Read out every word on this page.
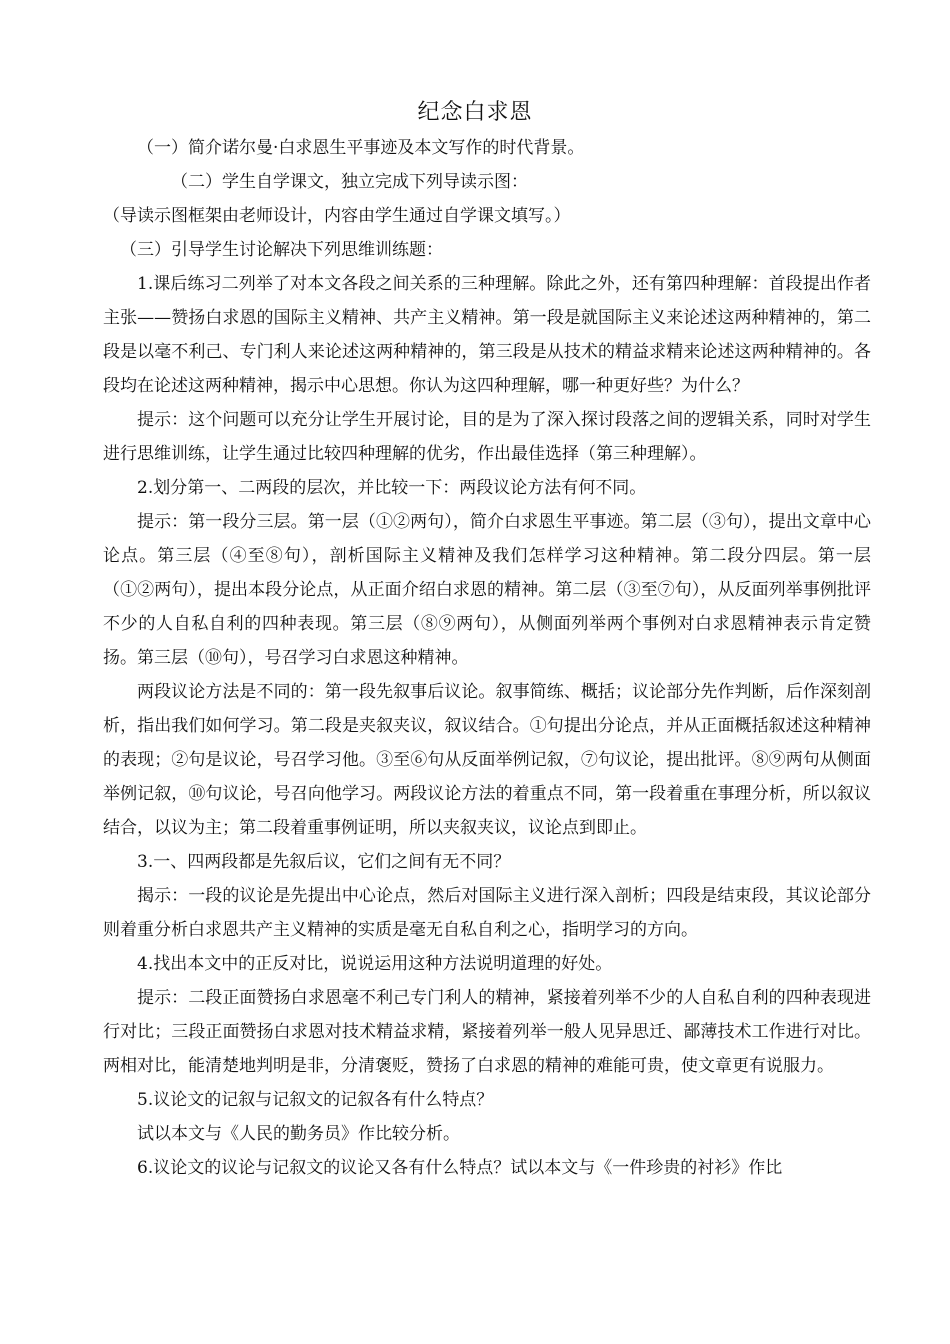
纪念白求恩

（一）简介诺尔曼·白求恩生平事迹及本文写作的时代背景。

（二）学生自学课文，独立完成下列导读示图：

（导读示图框架由老师设计，内容由学生通过自学课文填写。）

（三）引导学生讨论解决下列思维训练题：

1.课后练习二列举了对本文各段之间关系的三种理解。除此之外，还有第四种理解：首段提出作者主张——赞扬白求恩的国际主义精神、共产主义精神。第一段是就国际主义来论述这两种精神的，第二段是以毫不利己、专门利人来论述这两种精神的，第三段是从技术的精益求精来论述这两种精神的。各段均在论述这两种精神，揭示中心思想。你认为这四种理解，哪一种更好些？为什么？

提示：这个问题可以充分让学生开展讨论，目的是为了深入探讨段落之间的逻辑关系，同时对学生进行思维训练，让学生通过比较四种理解的优劣，作出最佳选择（第三种理解）。

2.划分第一、二两段的层次，并比较一下：两段议论方法有何不同。

提示：第一段分三层。第一层（①②两句），简介白求恩生平事迹。第二层（③句），提出文章中心论点。第三层（④至⑧句），剖析国际主义精神及我们怎样学习这种精神。第二段分四层。第一层（①②两句），提出本段分论点，从正面介绍白求恩的精神。第二层（③至⑦句），从反面列举事例批评不少的人自私自利的四种表现。第三层（⑧⑨两句），从侧面列举两个事例对白求恩精神表示肯定赞扬。第三层（⑩句），号召学习白求恩这种精神。

两段议论方法是不同的：第一段先叙事后议论。叙事简练、概括；议论部分先作判断，后作深刻剖析，指出我们如何学习。第二段是夹叙夹议，叙议结合。①句提出分论点，并从正面概括叙述这种精神的表现；②句是议论，号召学习他。③至⑥句从反面举例记叙，⑦句议论，提出批评。⑧⑨两句从侧面举例记叙，⑩句议论，号召向他学习。两段议论方法的着重点不同，第一段着重在事理分析，所以叙议结合，以议为主；第二段着重事例证明，所以夹叙夹议，议论点到即止。

3.一、四两段都是先叙后议，它们之间有无不同？

揭示：一段的议论是先提出中心论点，然后对国际主义进行深入剖析；四段是结束段，其议论部分则着重分析白求恩共产主义精神的实质是毫无自私自利之心，指明学习的方向。

4.找出本文中的正反对比，说说运用这种方法说明道理的好处。

提示：二段正面赞扬白求恩毫不利己专门利人的精神，紧接着列举不少的人自私自利的四种表现进行对比；三段正面赞扬白求恩对技术精益求精，紧接着列举一般人见异思迁、鄙薄技术工作进行对比。两相对比，能清楚地判明是非，分清褒贬，赞扬了白求恩的精神的难能可贵，使文章更有说服力。

5.议论文的记叙与记叙文的记叙各有什么特点？

试以本文与《人民的勤务员》作比较分析。

6.议论文的议论与记叙文的议论又各有什么特点？试以本文与《一件珍贵的衬衫》作比
